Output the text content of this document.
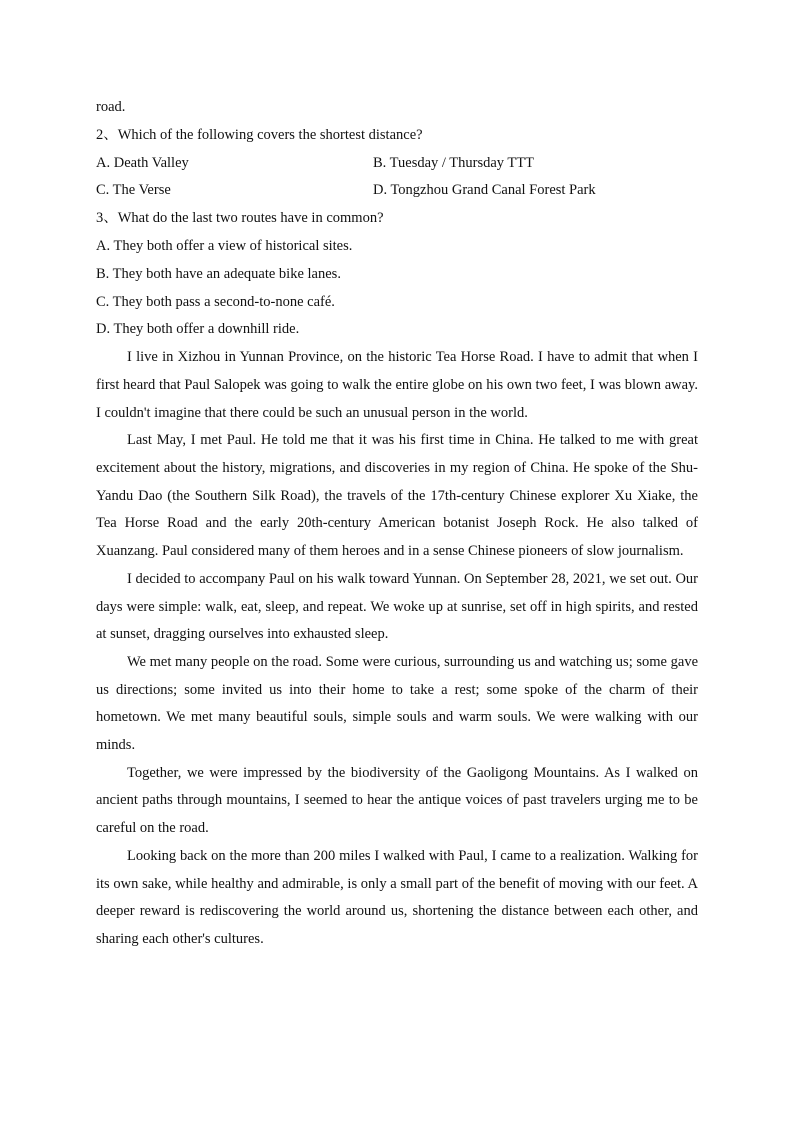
road.
2、Which of the following covers the shortest distance?
A. Death Valley	B. Tuesday / Thursday TTT
C. The Verse	D. Tongzhou Grand Canal Forest Park
3、What do the last two routes have in common?
A. They both offer a view of historical sites.
B. They both have an adequate bike lanes.
C. They both pass a second-to-none café.
D. They both offer a downhill ride.

I live in Xizhou in Yunnan Province, on the historic Tea Horse Road. I have to admit that when I first heard that Paul Salopek was going to walk the entire globe on his own two feet, I was blown away. I couldn't imagine that there could be such an unusual person in the world.

Last May, I met Paul. He told me that it was his first time in China. He talked to me with great excitement about the history, migrations, and discoveries in my region of China. He spoke of the Shu- Yandu Dao (the Southern Silk Road), the travels of the 17th-century Chinese explorer Xu Xiake, the Tea Horse Road and the early 20th-century American botanist Joseph Rock. He also talked of Xuanzang. Paul considered many of them heroes and in a sense Chinese pioneers of slow journalism.

I decided to accompany Paul on his walk toward Yunnan. On September 28, 2021, we set out. Our days were simple: walk, eat, sleep, and repeat. We woke up at sunrise, set off in high spirits, and rested at sunset, dragging ourselves into exhausted sleep.

We met many people on the road. Some were curious, surrounding us and watching us; some gave us directions; some invited us into their home to take a rest; some spoke of the charm of their hometown. We met many beautiful souls, simple souls and warm souls. We were walking with our minds.

Together, we were impressed by the biodiversity of the Gaoligong Mountains. As I walked on ancient paths through mountains, I seemed to hear the antique voices of past travelers urging me to be careful on the road.

Looking back on the more than 200 miles I walked with Paul, I came to a realization. Walking for its own sake, while healthy and admirable, is only a small part of the benefit of moving with our feet. A deeper reward is rediscovering the world around us, shortening the distance between each other, and sharing each other's cultures.
